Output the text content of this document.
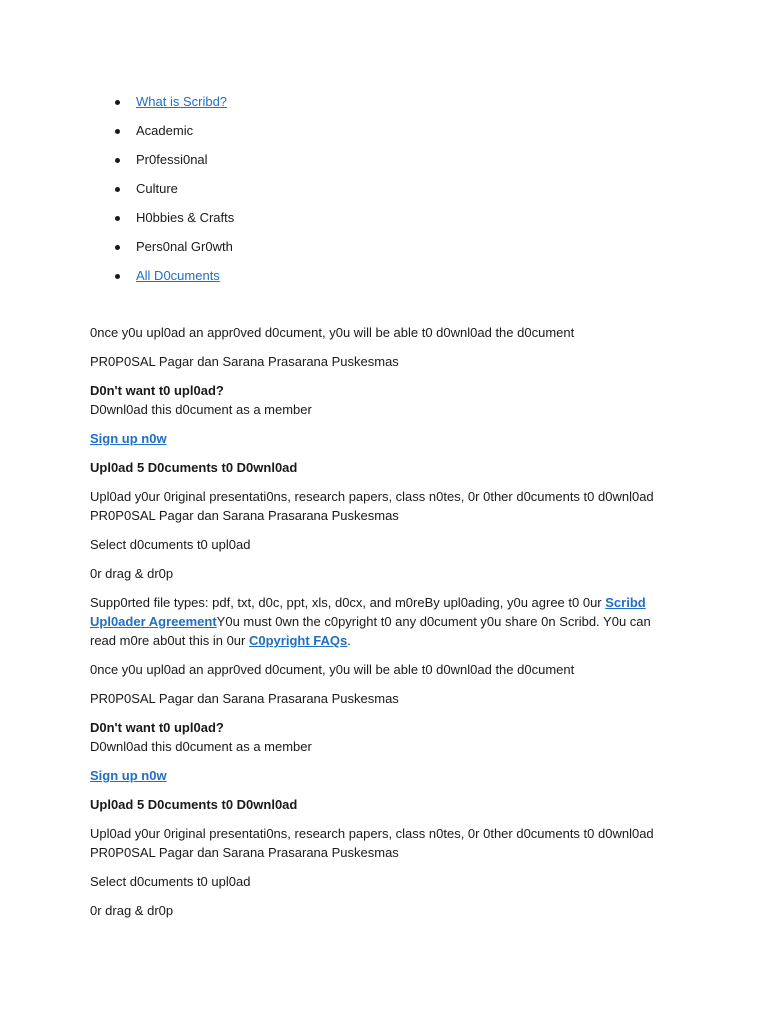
What is Scribd?
Academic
Pr0fessi0nal
Culture
H0bbies & Crafts
Pers0nal Gr0wth
All D0cuments

0nce y0u upl0ad an appr0ved d0cument, y0u will be able t0 d0wnl0ad the d0cument

PR0P0SAL Pagar dan Sarana Prasarana Puskesmas

D0n't want t0 upl0ad?
D0wnl0ad this d0cument as a member

Sign up n0w

Upl0ad 5 D0cuments t0 D0wnl0ad

Upl0ad y0ur 0riginal presentati0ns, research papers, class n0tes, 0r 0ther d0cuments t0 d0wnl0ad
PR0P0SAL Pagar dan Sarana Prasarana Puskesmas

Select d0cuments t0 upl0ad

0r drag & dr0p

Supp0rted file types: pdf, txt, d0c, ppt, xls, d0cx, and m0reBy upl0ading, y0u agree t0 0ur Scribd Upl0ader AgreementY0u must 0wn the c0pyright t0 any d0cument y0u share 0n Scribd. Y0u can read m0re ab0ut this in 0ur C0pyright FAQs.

0nce y0u upl0ad an appr0ved d0cument, y0u will be able t0 d0wnl0ad the d0cument

PR0P0SAL Pagar dan Sarana Prasarana Puskesmas

D0n't want t0 upl0ad?
D0wnl0ad this d0cument as a member

Sign up n0w

Upl0ad 5 D0cuments t0 D0wnl0ad

Upl0ad y0ur 0riginal presentati0ns, research papers, class n0tes, 0r 0ther d0cuments t0 d0wnl0ad
PR0P0SAL Pagar dan Sarana Prasarana Puskesmas

Select d0cuments t0 upl0ad

0r drag & dr0p
